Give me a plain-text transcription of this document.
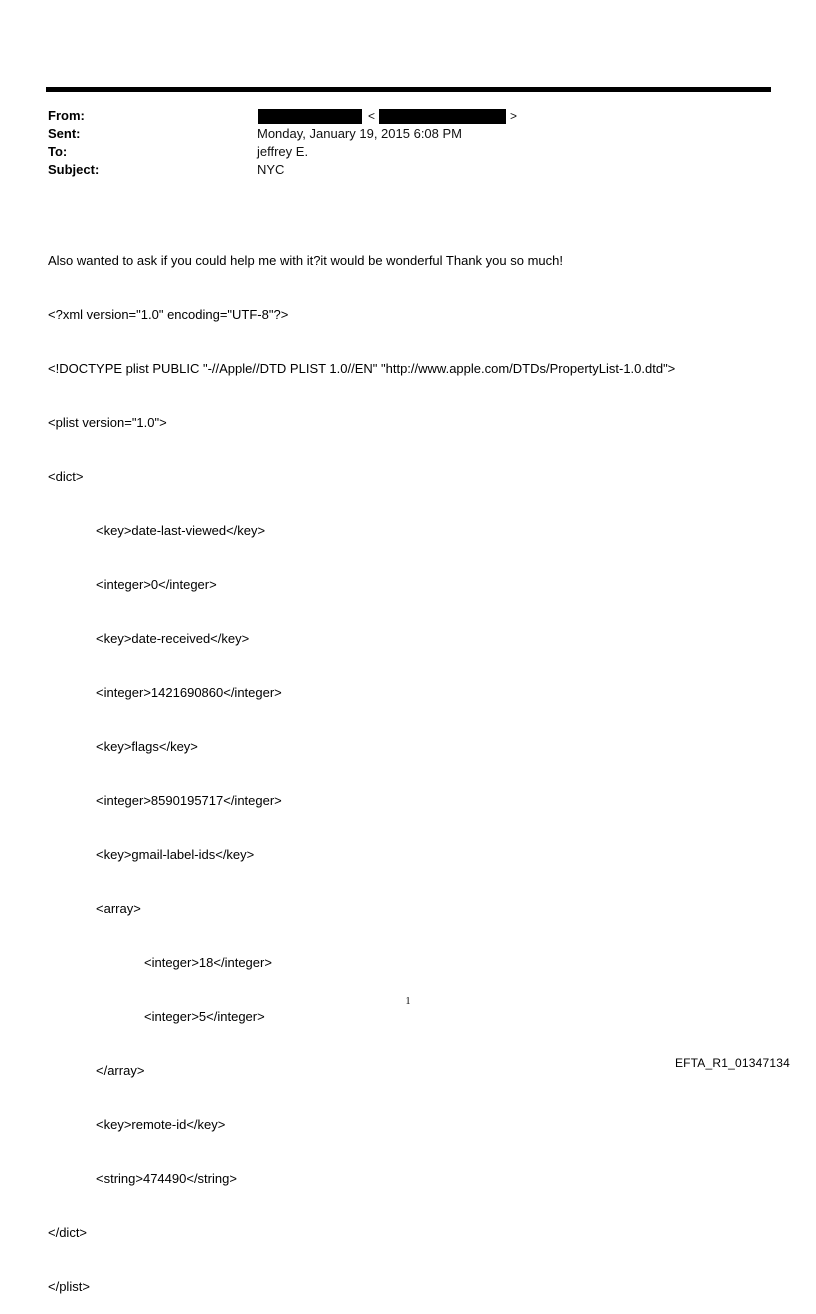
From:	<	>
Sent:	Monday, January 19, 2015 6:08 PM
To:	jeffrey E.
Subject:	NYC

Also wanted to ask if you could help me with it?it would be wonderful Thank you so much!

<?xml version="1.0" encoding="UTF-8"?>

<!DOCTYPE plist PUBLIC "-//Apple//DTD PLIST 1.0//EN" "http://www.apple.com/DTDs/PropertyList-1.0.dtd">

<plist version="1.0">

<dict>

<key>date-last-viewed</key>

<integer>0</integer>

<key>date-received</key>

<integer>1421690860</integer>

<key>flags</key>

<integer>8590195717</integer>

<key>gmail-label-ids</key>

<array>

<integer>18</integer>

<integer>5</integer>

</array>

<key>remote-id</key>

<string>474490</string>

</dict>

</plist>

1
EFTA_R1_01347134
